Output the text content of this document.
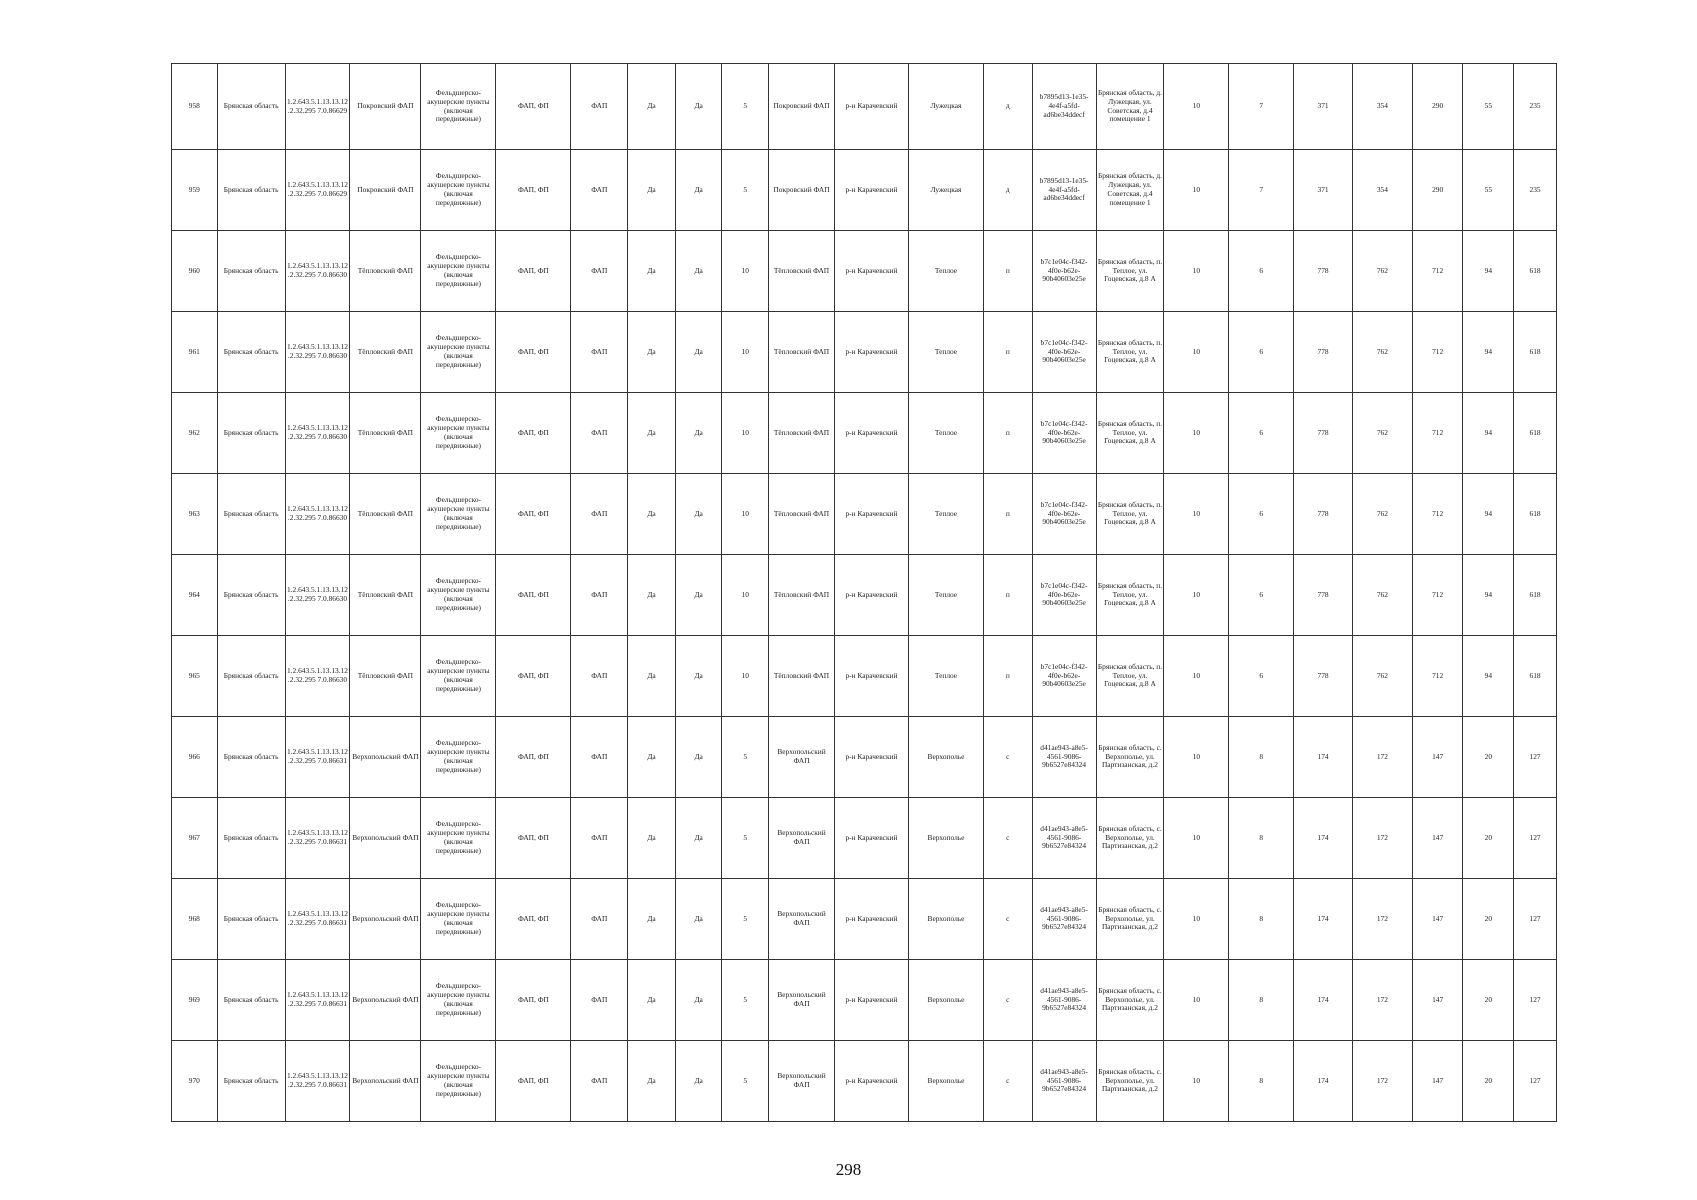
958	Брянская область	1.2.643.5.1.13.13.12.2.32.295 7.0.86629	Покровский ФАП	Фельдшерско-акушерские пункты (включая передвижные)	ФАП, ФП	ФАП	Да	Да	5	Покровский ФАП	р-н Карачевский	Лужецкая	д	b7895d13-1e35-4e4f-a5fd-ad6be34ddecf	Брянская область, д. Лужецкая, ул. Советская, д.4 помещение 1	10	7	371	354	290	55	235
959	Брянская область	1.2.643.5.1.13.13.12.2.32.295 7.0.86629	Покровский ФАП	Фельдшерско-акушерские пункты (включая передвижные)	ФАП, ФП	ФАП	Да	Да	5	Покровский ФАП	р-н Карачевский	Лужецкая	д	b7895d13-1e35-4e4f-a5fd-ad6be34ddecf	Брянская область, д. Лужецкая, ул. Советская, д.4 помещение 1	10	7	371	354	290	55	235
960	Брянская область	1.2.643.5.1.13.13.12.2.32.295 7.0.86630	Тёпловский ФАП	Фельдшерско-акушерские пункты (включая передвижные)	ФАП, ФП	ФАП	Да	Да	10	Тёпловский ФАП	р-н Карачевский	Теплое	п	b7c1e04c-f342-4f0e-b62e-90b40603e25e	Брянская область, п. Теплое, ул. Гоцевская, д.8 А	10	6	778	762	712	94	618
961	Брянская область	1.2.643.5.1.13.13.12.2.32.295 7.0.86630	Тёпловский ФАП	Фельдшерско-акушерские пункты (включая передвижные)	ФАП, ФП	ФАП	Да	Да	10	Тёпловский ФАП	р-н Карачевский	Теплое	п	b7c1e04c-f342-4f0e-b62e-90b40603e25e	Брянская область, п. Теплое, ул. Гоцевская, д.8 А	10	6	778	762	712	94	618
962	Брянская область	1.2.643.5.1.13.13.12.2.32.295 7.0.86630	Тёпловский ФАП	Фельдшерско-акушерские пункты (включая передвижные)	ФАП, ФП	ФАП	Да	Да	10	Тёпловский ФАП	р-н Карачевский	Теплое	п	b7c1e04c-f342-4f0e-b62e-90b40603e25e	Брянская область, п. Теплое, ул. Гоцевская, д.8 А	10	6	778	762	712	94	618
963	Брянская область	1.2.643.5.1.13.13.12.2.32.295 7.0.86630	Тёпловский ФАП	Фельдшерско-акушерские пункты (включая передвижные)	ФАП, ФП	ФАП	Да	Да	10	Тёпловский ФАП	р-н Карачевский	Теплое	п	b7c1e04c-f342-4f0e-b62e-90b40603e25e	Брянская область, п. Теплое, ул. Гоцевская, д.8 А	10	6	778	762	712	94	618
964	Брянская область	1.2.643.5.1.13.13.12.2.32.295 7.0.86630	Тёпловский ФАП	Фельдшерско-акушерские пункты (включая передвижные)	ФАП, ФП	ФАП	Да	Да	10	Тёпловский ФАП	р-н Карачевский	Теплое	п	b7c1e04c-f342-4f0e-b62e-90b40603e25e	Брянская область, п. Теплое, ул. Гоцевская, д.8 А	10	6	778	762	712	94	618
965	Брянская область	1.2.643.5.1.13.13.12.2.32.295 7.0.86630	Тёпловский ФАП	Фельдшерско-акушерские пункты (включая передвижные)	ФАП, ФП	ФАП	Да	Да	10	Тёпловский ФАП	р-н Карачевский	Теплое	п	b7c1e04c-f342-4f0e-b62e-90b40603e25e	Брянская область, п. Теплое, ул. Гоцевская, д.8 А	10	6	778	762	712	94	618
966	Брянская область	1.2.643.5.1.13.13.12.2.32.295 7.0.86631	Верхопольский ФАП	Фельдшерско-акушерские пункты (включая передвижные)	ФАП, ФП	ФАП	Да	Да	5	Верхопольский ФАП	р-н Карачевский	Верхополье	с	d41ae943-a8e5-4561-9086-9b6527e84324	Брянская область, с. Верхополье, ул. Партизанская, д.2	10	8	174	172	147	20	127
967	Брянская область	1.2.643.5.1.13.13.12.2.32.295 7.0.86631	Верхопольский ФАП	Фельдшерско-акушерские пункты (включая передвижные)	ФАП, ФП	ФАП	Да	Да	5	Верхопольский ФАП	р-н Карачевский	Верхополье	с	d41ae943-a8e5-4561-9086-9b6527e84324	Брянская область, с. Верхополье, ул. Партизанская, д.2	10	8	174	172	147	20	127
968	Брянская область	1.2.643.5.1.13.13.12.2.32.295 7.0.86631	Верхопольский ФАП	Фельдшерско-акушерские пункты (включая передвижные)	ФАП, ФП	ФАП	Да	Да	5	Верхопольский ФАП	р-н Карачевский	Верхополье	с	d41ae943-a8e5-4561-9086-9b6527e84324	Брянская область, с. Верхополье, ул. Партизанская, д.2	10	8	174	172	147	20	127
969	Брянская область	1.2.643.5.1.13.13.12.2.32.295 7.0.86631	Верхопольский ФАП	Фельдшерско-акушерские пункты (включая передвижные)	ФАП, ФП	ФАП	Да	Да	5	Верхопольский ФАП	р-н Карачевский	Верхополье	с	d41ae943-a8e5-4561-9086-9b6527e84324	Брянская область, с. Верхополье, ул. Партизанская, д.2	10	8	174	172	147	20	127
970	Брянская область	1.2.643.5.1.13.13.12.2.32.295 7.0.86631	Верхопольский ФАП	Фельдшерско-акушерские пункты (включая передвижные)	ФАП, ФП	ФАП	Да	Да	5	Верхопольский ФАП	р-н Карачевский	Верхополье	с	d41ae943-a8e5-4561-9086-9b6527e84324	Брянская область, с. Верхополье, ул. Партизанская, д.2	10	8	174	172	147	20	127
298
